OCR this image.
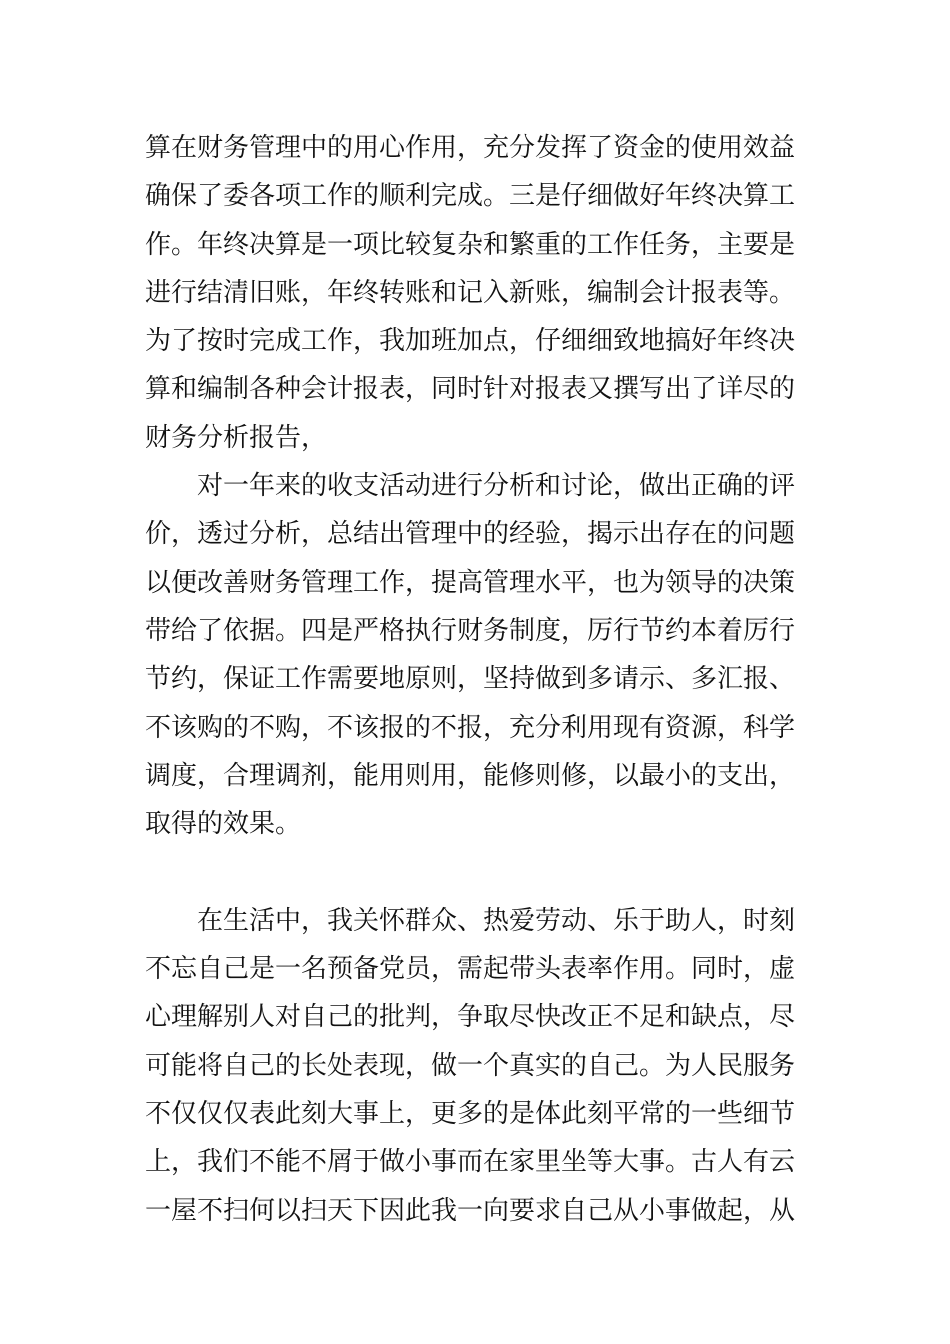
算在财务管理中的用心作用，充分发挥了资金的使用效益
确保了委各项工作的顺利完成。三是仔细做好年终决算工
作。年终决算是一项比较复杂和繁重的工作任务，主要是
进行结清旧账，年终转账和记入新账，编制会计报表等。
为了按时完成工作，我加班加点，仔细细致地搞好年终决
算和编制各种会计报表，同时针对报表又撰写出了详尽的
财务分析报告，
对一年来的收支活动进行分析和讨论，做出正确的评
价，透过分析，总结出管理中的经验，揭示出存在的问题
以便改善财务管理工作，提高管理水平，也为领导的决策
带给了依据。四是严格执行财务制度，厉行节约本着厉行
节约，保证工作需要地原则，坚持做到多请示、多汇报、
不该购的不购，不该报的不报，充分利用现有资源，科学
调度，合理调剂，能用则用，能修则修，以最小的支出，
取得的效果。
在生活中，我关怀群众、热爱劳动、乐于助人，时刻
不忘自己是一名预备党员，需起带头表率作用。同时，虚
心理解别人对自己的批判，争取尽快改正不足和缺点，尽
可能将自己的长处表现，做一个真实的自己。为人民服务
不仅仅仅表此刻大事上，更多的是体此刻平常的一些细节
上，我们不能不屑于做小事而在家里坐等大事。古人有云
一屋不扫何以扫天下因此我一向要求自己从小事做起，从
